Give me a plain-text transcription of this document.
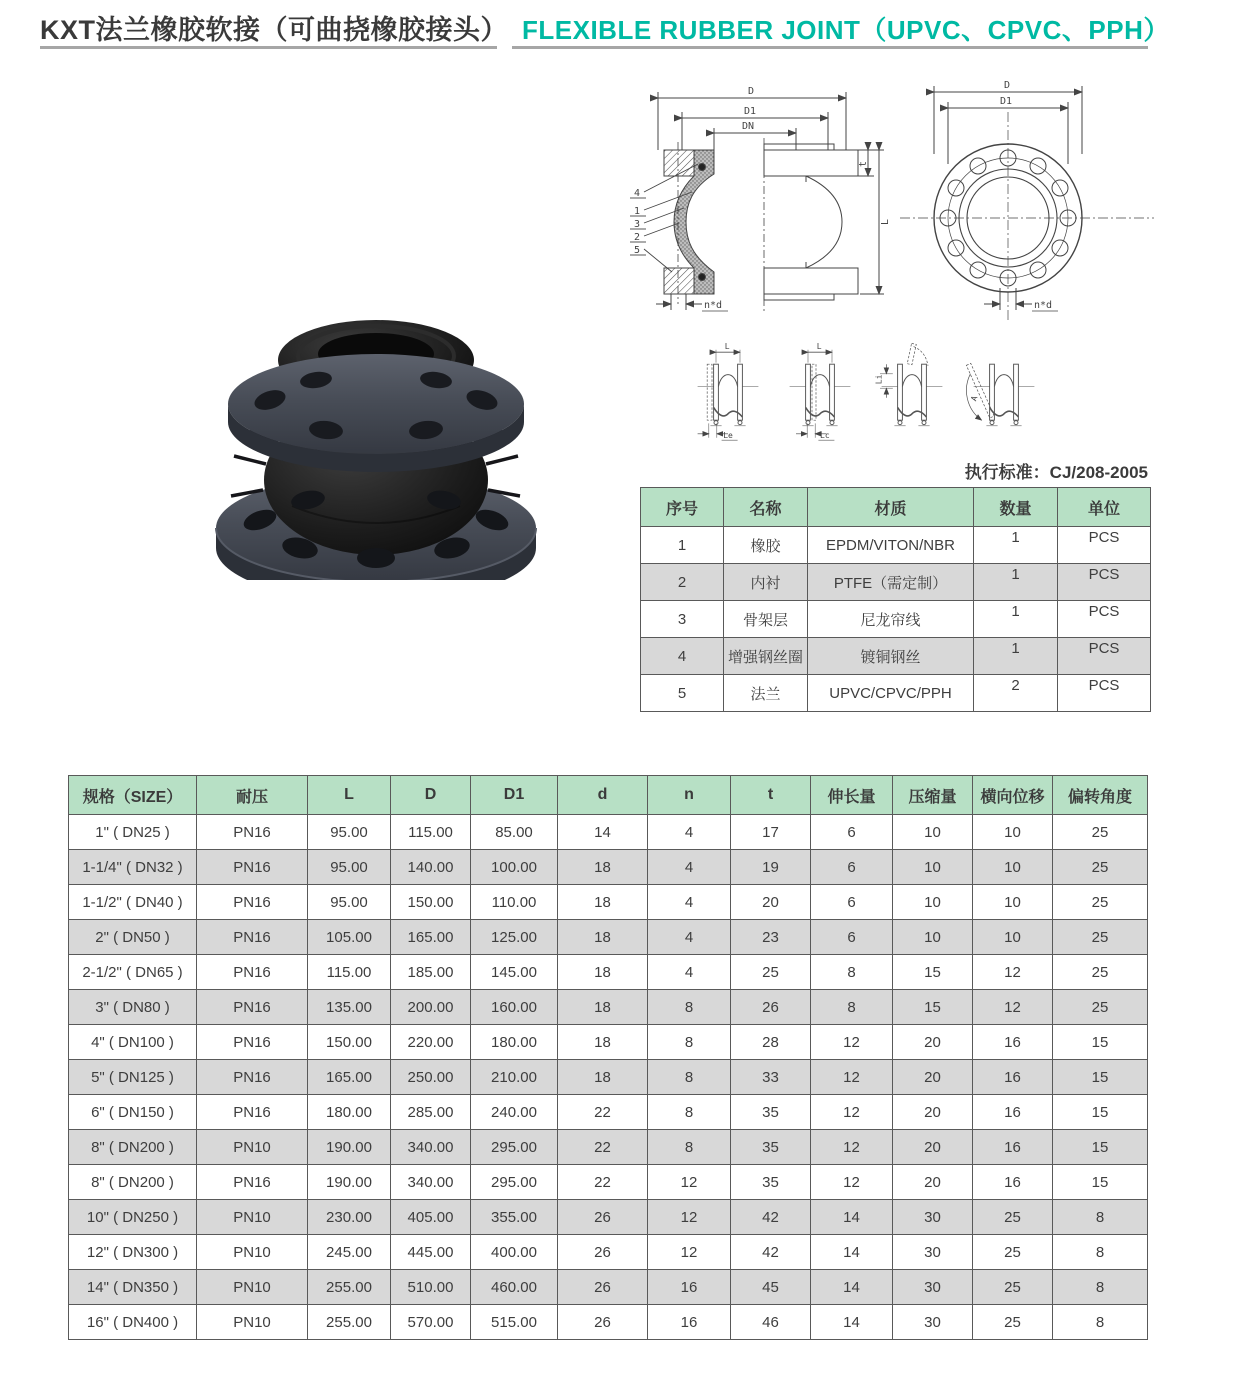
KXT法兰橡胶软接（可曲挠橡胶接头） FLEXIBLE RUBBER JOINT（UPVC、CPVC、PPH）
D
D1
DN
t
L
4
1
3
2
5
n*d
D
D1
n*d
L
Le
L
Lc
Li
A
执行标准：CJ/208-2005
序号	名称	材质	数量	单位
1	橡胶	EPDM/VITON/NBR	1	PCS
2	内衬	PTFE（需定制）	1	PCS
3	骨架层	尼龙帘线	1	PCS
4	增强钢丝圈	镀铜钢丝	1	PCS
5	法兰	UPVC/CPVC/PPH	2	PCS
规格（SIZE）	耐压	L	D	D1	d	n	t	伸长量	压缩量	横向位移	偏转角度
1" ( DN25 )	PN16	95.00	115.00	85.00	14	4	17	6	10	10	25
1-1/4" ( DN32 )	PN16	95.00	140.00	100.00	18	4	19	6	10	10	25
1-1/2" ( DN40 )	PN16	95.00	150.00	110.00	18	4	20	6	10	10	25
2" ( DN50 )	PN16	105.00	165.00	125.00	18	4	23	6	10	10	25
2-1/2" ( DN65 )	PN16	115.00	185.00	145.00	18	4	25	8	15	12	25
3" ( DN80 )	PN16	135.00	200.00	160.00	18	8	26	8	15	12	25
4" ( DN100 )	PN16	150.00	220.00	180.00	18	8	28	12	20	16	15
5" ( DN125 )	PN16	165.00	250.00	210.00	18	8	33	12	20	16	15
6" ( DN150 )	PN16	180.00	285.00	240.00	22	8	35	12	20	16	15
8" ( DN200 )	PN10	190.00	340.00	295.00	22	8	35	12	20	16	15
8" ( DN200 )	PN16	190.00	340.00	295.00	22	12	35	12	20	16	15
10" ( DN250 )	PN10	230.00	405.00	355.00	26	12	42	14	30	25	8
12" ( DN300 )	PN10	245.00	445.00	400.00	26	12	42	14	30	25	8
14" ( DN350 )	PN10	255.00	510.00	460.00	26	16	45	14	30	25	8
16" ( DN400 )	PN10	255.00	570.00	515.00	26	16	46	14	30	25	8
